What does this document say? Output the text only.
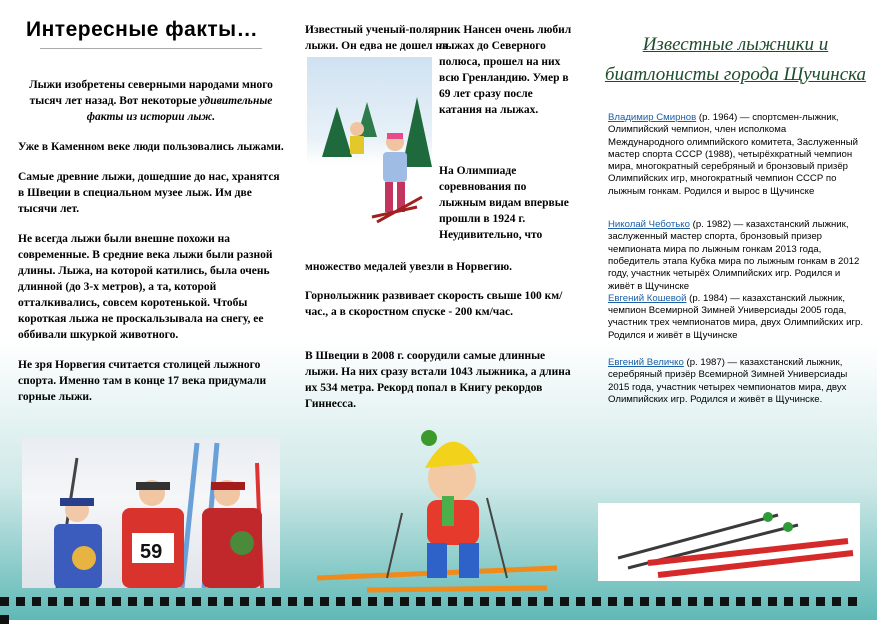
Интересные факты…
Лыжи изобретены северными народами много тысяч лет назад. Вот некоторые удивительные факты из истории лыж.
Уже в Каменном веке люди пользовались лыжами.
Самые древние лыжи, дошедшие до нас, хранятся в Швеции в специальном музее лыж. Им две тысячи лет.
Не всегда лыжи были внешне похожи на современные. В средние века лыжи были разной длины. Лыжа, на которой катились, была очень длинной (до 3-х метров), а та, которой отталкивались, совсем коротенькой. Чтобы короткая лыжа не проскальзывала на снегу, ее оббивали шкуркой животного.
Не зря Норвегия считается столицей лыжного спорта. Именно там в конце 17 века придумали горные лыжи.
59
Известный ученый-полярник Нансен очень любил лыжи. Он едва не дошел на
лыжах до Северного полюса, прошел на них всю Гренландию. Умер в 69 лет сразу после катания на лыжах.
На Олимпиаде соревнования по лыжным видам впервые прошли в 1924 г. Неудивительно, что
множество медалей увезли в Норвегию.
Горнолыжник развивает скорость свыше 100 км/час., а в скоростном спуске - 200 км/час.
В Швеции в 2008 г. соорудили самые длинные лыжи. На них сразу встали 1043 лыжника, а длина их 534 метра. Рекорд попал в Книгу рекордов Гиннесса.
Известные лыжники и биатлонисты города Щучинска
Владимир Смирнов (р. 1964) — спортсмен-лыжник, Олимпийский чемпион, член исполкома Международного олимпийского комитета, Заслуженный мастер спорта СССР (1988), четырёхкратный чемпион мира, многократный серебряный и бронзовый призёр Олимпийских игр, многократный чемпион СССР по лыжным гонкам. Родился и вырос в Щучинске
Николай Чеботько (р. 1982) — казахстанский лыжник, заслуженный мастер спорта, бронзовый призер чемпионата мира по лыжным гонкам 2013 года, победитель этапа Кубка мира по лыжным гонкам в 2012 году, участник четырёх Олимпийских игр. Родился и живёт в Щучинске
Евгений Кошевой (р. 1984) — казахстанский лыжник, чемпион Всемирной Зимней Универсиады 2005 года, участник трех чемпионатов мира, двух Олимпийских игр. Родился и живёт в Щучинске
Евгений Величко (р. 1987) — казахстанский лыжник, серебряный призёр Всемирной Зимней Универсиады 2015 года, участник четырех чемпионатов мира, двух Олимпийских игр. Родился и живёт в Щучинске.
